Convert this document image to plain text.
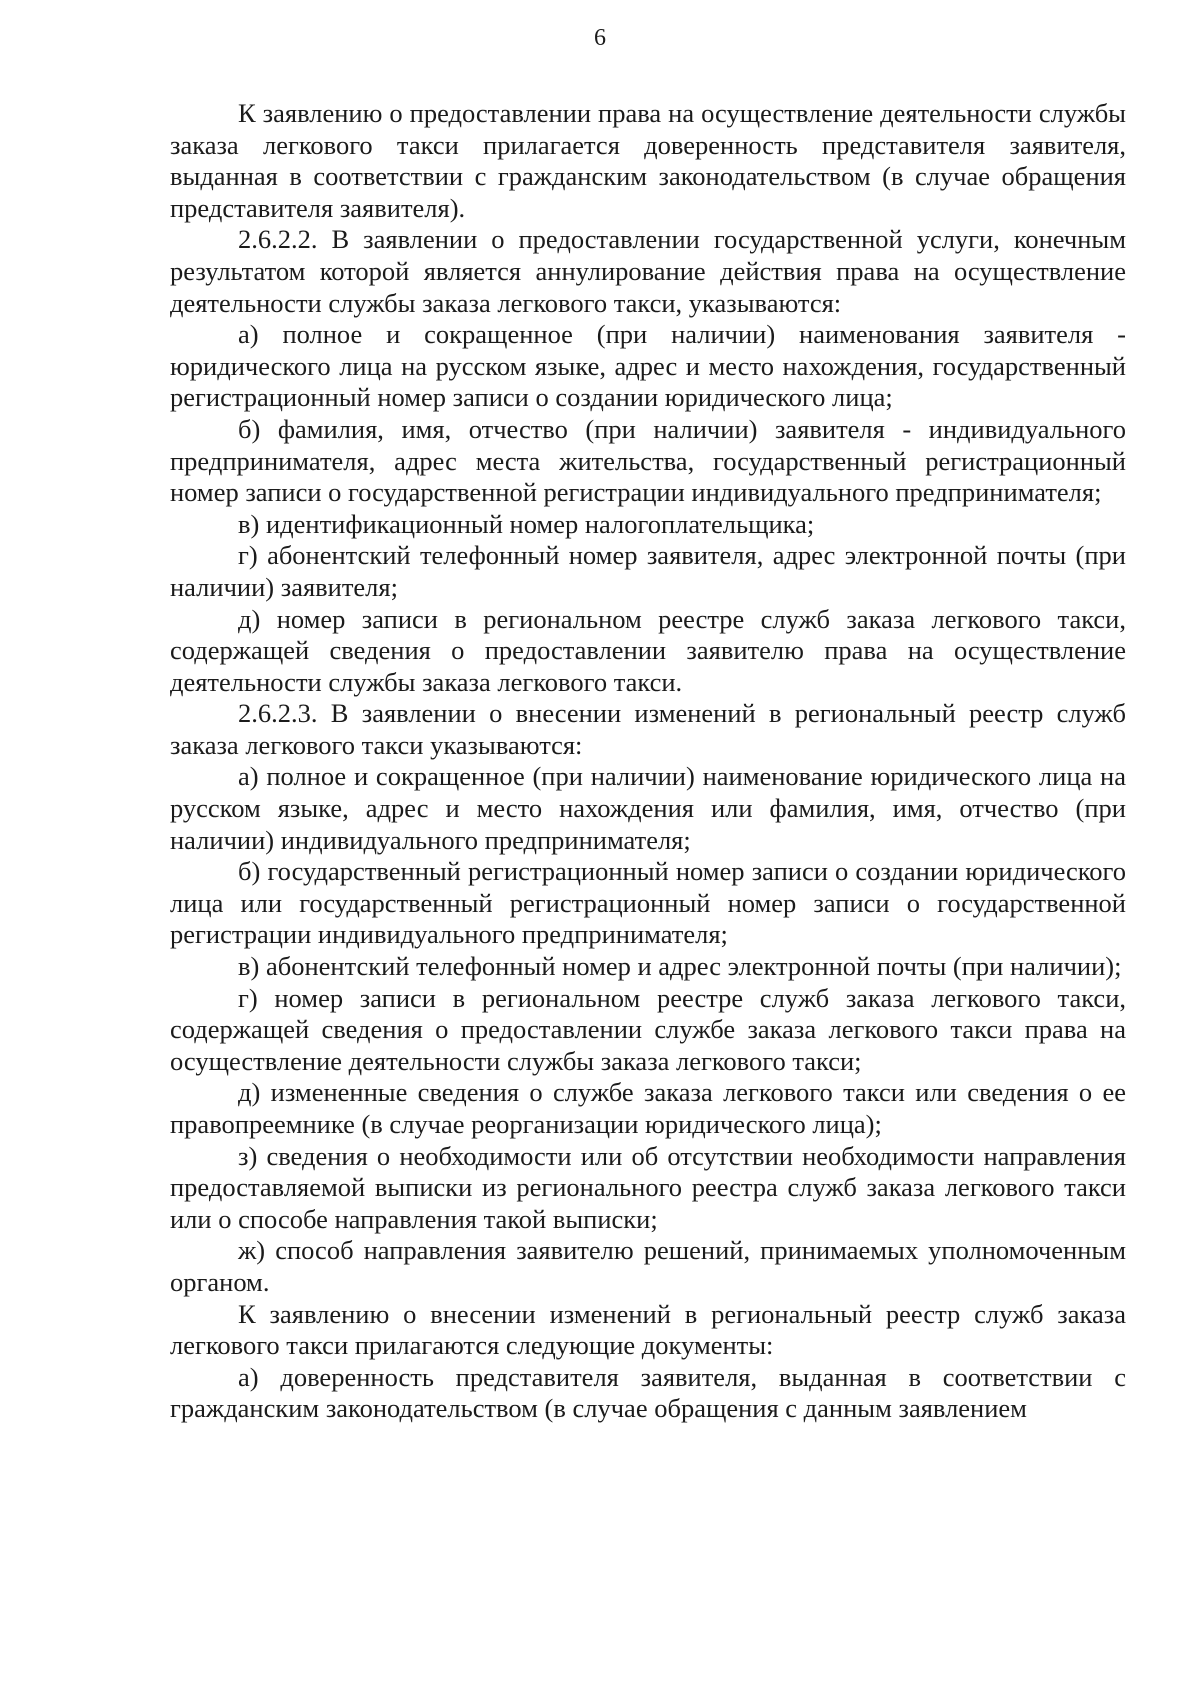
6

К заявлению о предоставлении права на осуществление деятельности службы заказа легкового такси прилагается доверенность представителя заявителя, выданная в соответствии с гражданским законодательством (в случае обращения представителя заявителя).

2.6.2.2. В заявлении о предоставлении государственной услуги, конечным результатом которой является аннулирование действия права на осуществление деятельности службы заказа легкового такси, указываются:

а) полное и сокращенное (при наличии) наименования заявителя - юридического лица на русском языке, адрес и место нахождения, государственный регистрационный номер записи о создании юридического лица;

б) фамилия, имя, отчество (при наличии) заявителя - индивидуального предпринимателя, адрес места жительства, государственный регистрационный номер записи о государственной регистрации индивидуального предпринимателя;

в) идентификационный номер налогоплательщика;

г) абонентский телефонный номер заявителя, адрес электронной почты (при наличии) заявителя;

д) номер записи в региональном реестре служб заказа легкового такси, содержащей сведения о предоставлении заявителю права на осуществление деятельности службы заказа легкового такси.

2.6.2.3. В заявлении о внесении изменений в региональный реестр служб заказа легкового такси указываются:

а) полное и сокращенное (при наличии) наименование юридического лица на русском языке, адрес и место нахождения или фамилия, имя, отчество (при наличии) индивидуального предпринимателя;

б) государственный регистрационный номер записи о создании юридического лица или государственный регистрационный номер записи о государственной регистрации индивидуального предпринимателя;

в) абонентский телефонный номер и адрес электронной почты (при наличии);

г) номер записи в региональном реестре служб заказа легкового такси, содержащей сведения о предоставлении службе заказа легкового такси права на осуществление деятельности службы заказа легкового такси;

д) измененные сведения о службе заказа легкового такси или сведения о ее правопреемнике (в случае реорганизации юридического лица);

з) сведения о необходимости или об отсутствии необходимости направления предоставляемой выписки из регионального реестра служб заказа легкового такси или о способе направления такой выписки;

ж) способ направления заявителю решений, принимаемых уполномоченным органом.

К заявлению о внесении изменений в региональный реестр служб заказа легкового такси прилагаются следующие документы:

а) доверенность представителя заявителя, выданная в соответствии с гражданским законодательством (в случае обращения с данным заявлением
